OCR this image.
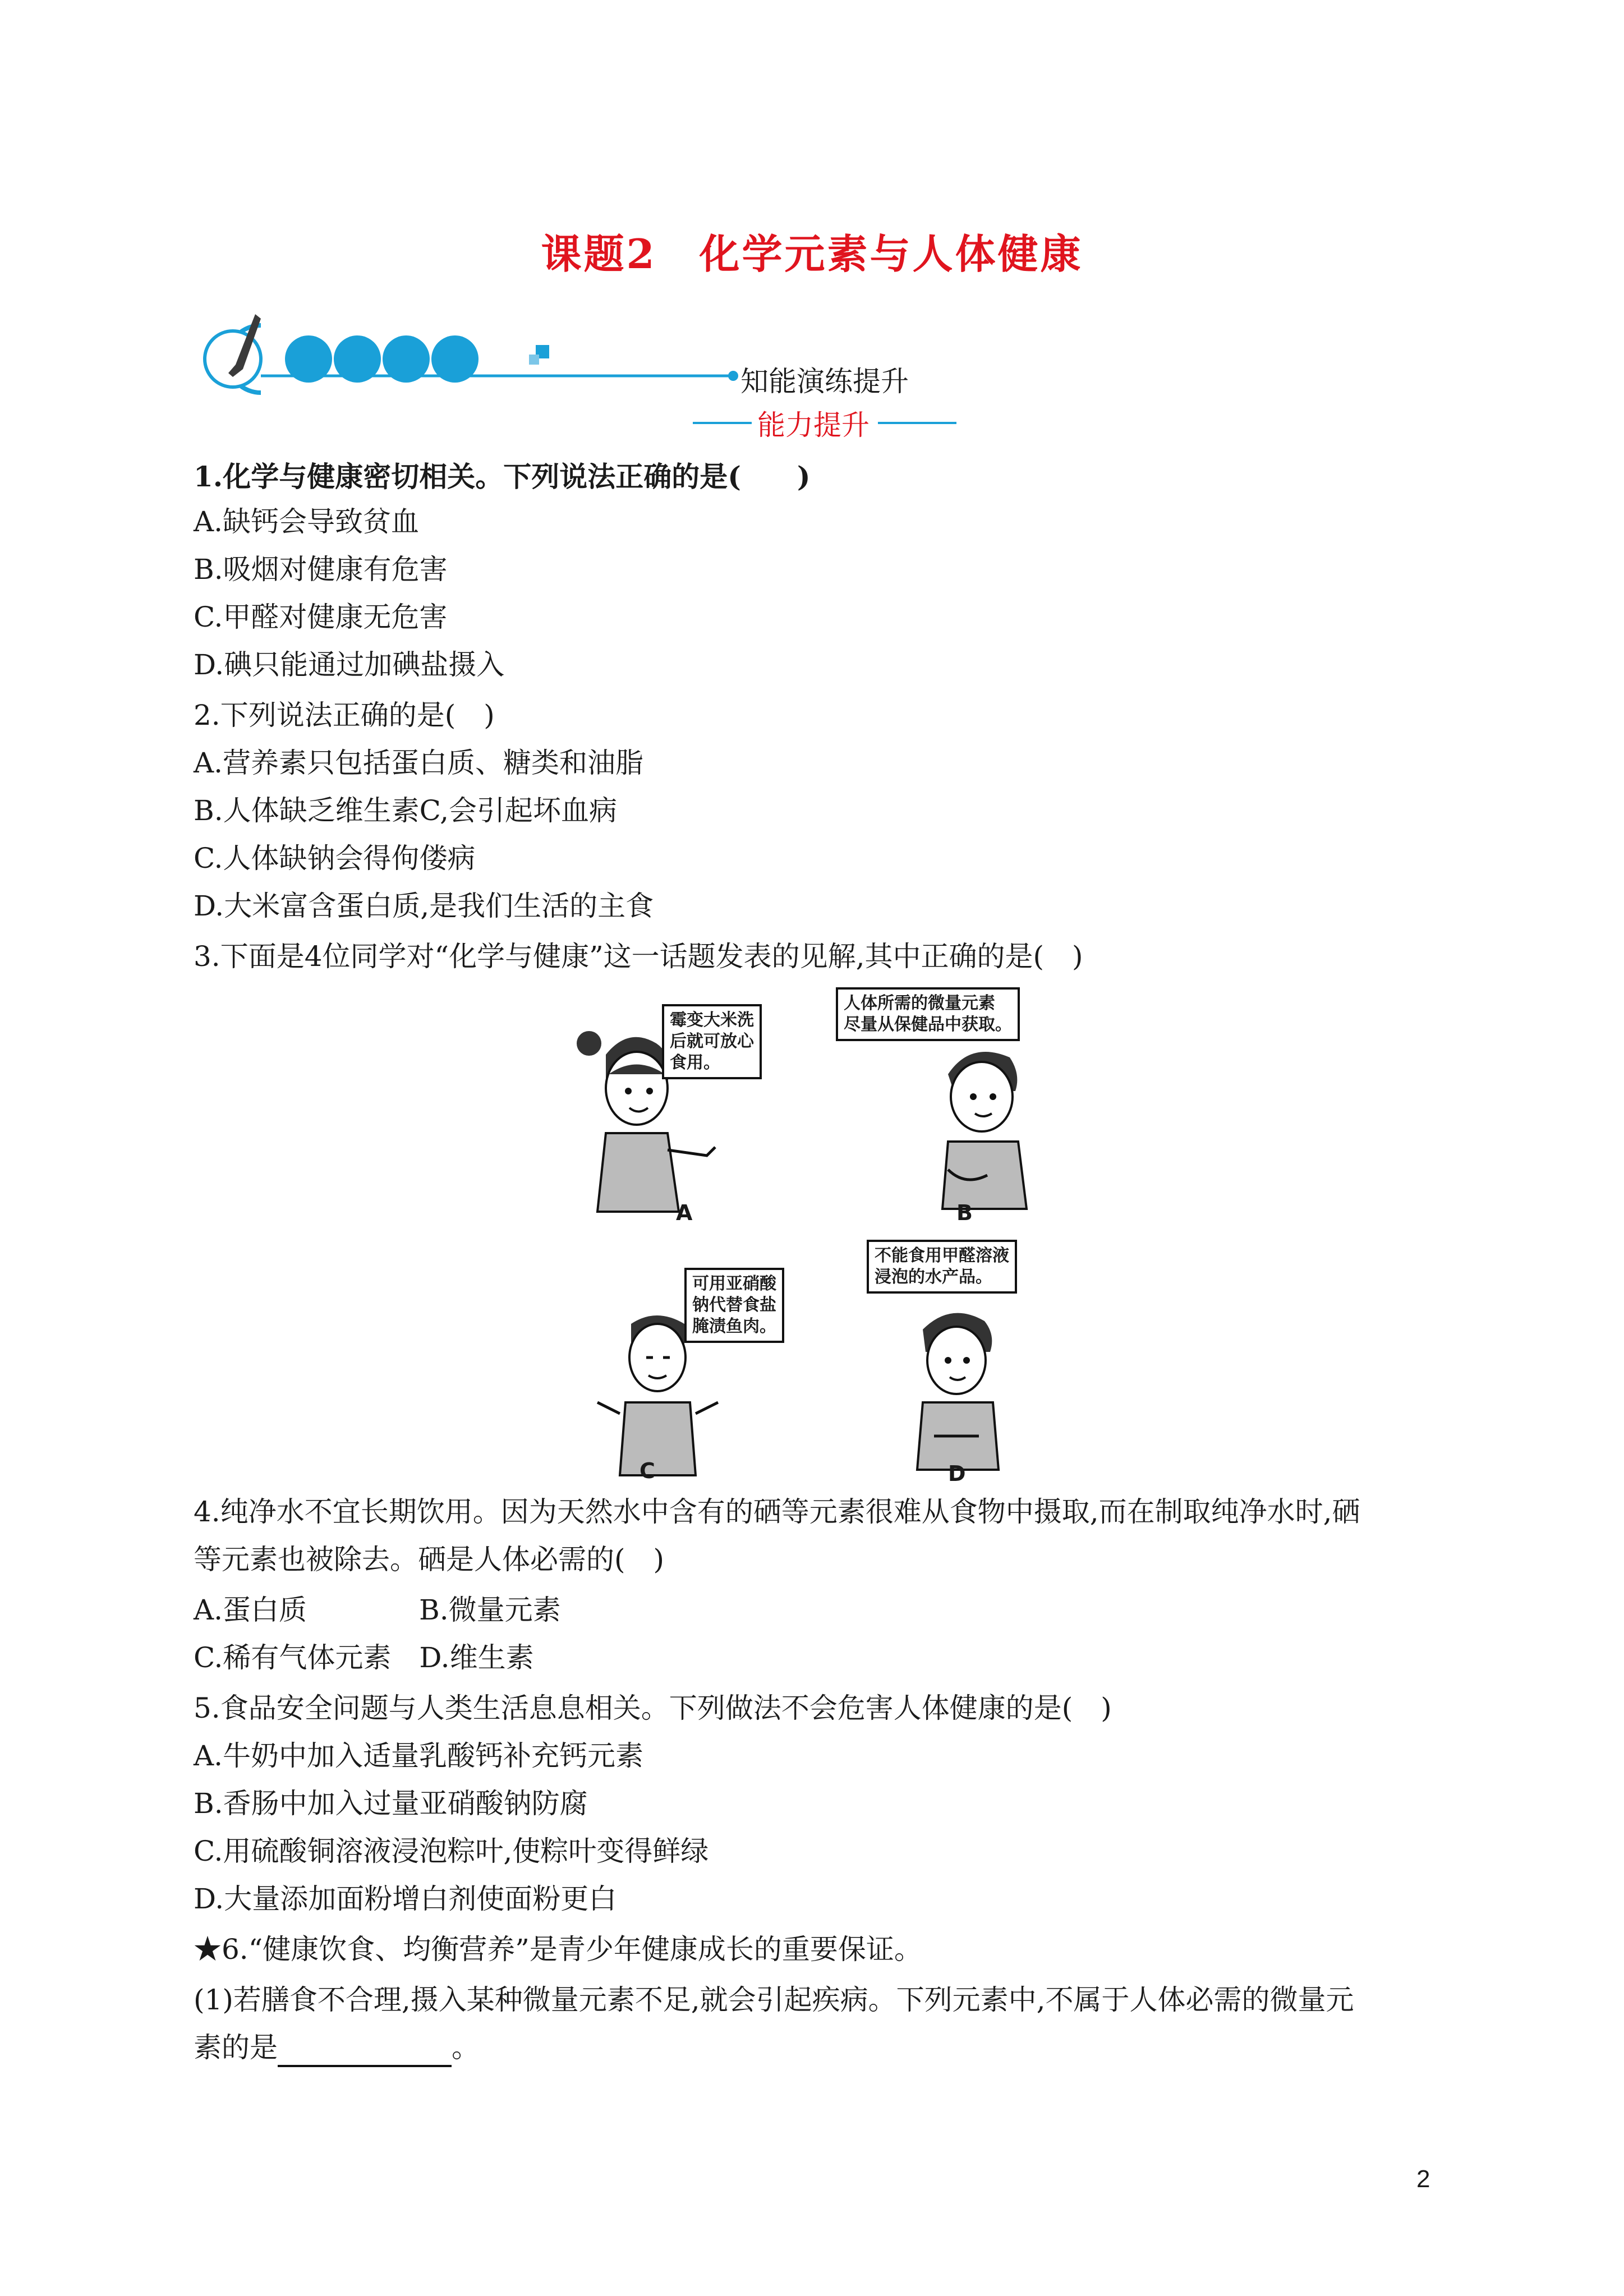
课题2　化学元素与人体健康
知能演练提升
能力提升
1.化学与健康密切相关。下列说法正确的是(　　)
A.缺钙会导致贫血
B.吸烟对健康有危害
C.甲醛对健康无危害
D.碘只能通过加碘盐摄入
2.下列说法正确的是(　)
A.营养素只包括蛋白质、糖类和油脂
B.人体缺乏维生素C,会引起坏血病
C.人体缺钠会得佝偻病
D.大米富含蛋白质,是我们生活的主食
3.下面是4位同学对“化学与健康”这一话题发表的见解,其中正确的是(　)
霉变大米洗
后就可放心
食用。
A
人体所需的微量元素
尽量从保健品中获取。
B
可用亚硝酸
钠代替食盐
腌渍鱼肉。
C
不能食用甲醛溶液
浸泡的水产品。
D
4.纯净水不宜长期饮用。因为天然水中含有的硒等元素很难从食物中摄取,而在制取纯净水时,硒
等元素也被除去。硒是人体必需的(　)
A.蛋白质　　　　B.微量元素
C.稀有气体元素　D.维生素
5.食品安全问题与人类生活息息相关。下列做法不会危害人体健康的是(　)
A.牛奶中加入适量乳酸钙补充钙元素
B.香肠中加入过量亚硝酸钠防腐
C.用硫酸铜溶液浸泡粽叶,使粽叶变得鲜绿
D.大量添加面粉增白剂使面粉更白
★6.“健康饮食、均衡营养”是青少年健康成长的重要保证。
(1)若膳食不合理,摄入某种微量元素不足,就会引起疾病。下列元素中,不属于人体必需的微量元
素的是	。
2
